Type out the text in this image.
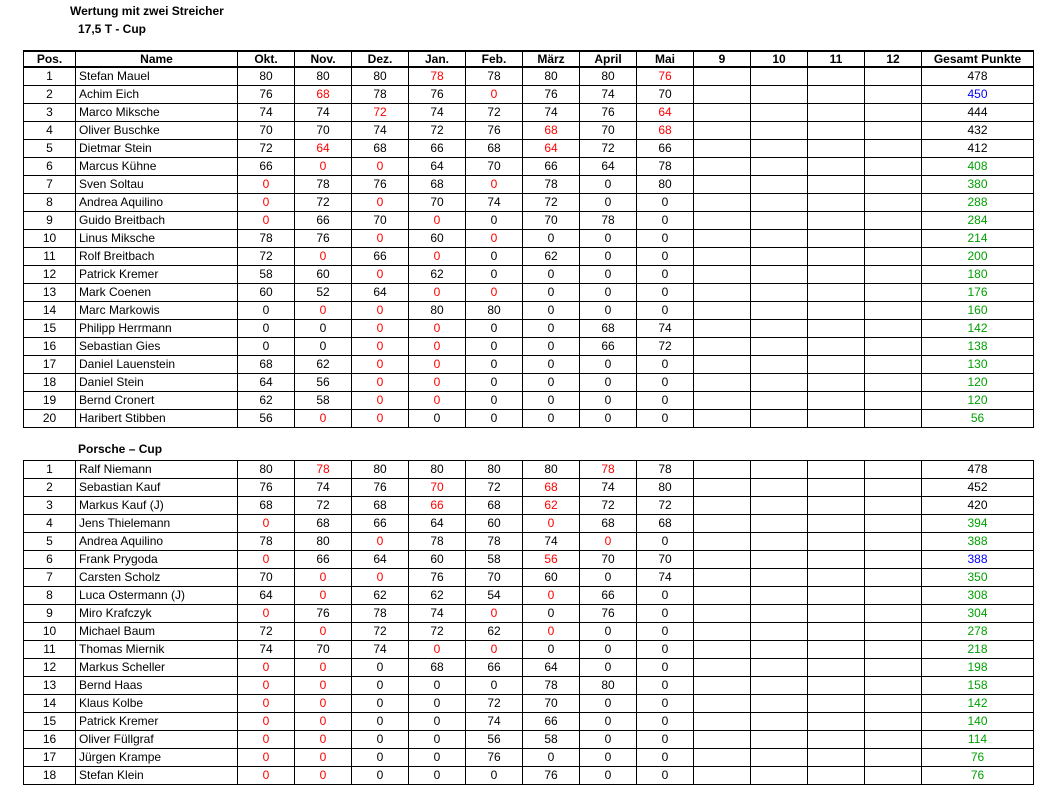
Wertung mit zwei Streicher
17,5 T - Cup
Pos.	Name	Okt.	Nov.	Dez.	Jan.	Feb.	März	April	Mai	9	10	11	12	Gesamt Punkte
1	Stefan Mauel	80	80	80	78	78	80	80	76					478
2	Achim Eich	76	68	78	76	0	76	74	70					450
3	Marco Miksche	74	74	72	74	72	74	76	64					444
4	Oliver Buschke	70	70	74	72	76	68	70	68					432
5	Dietmar Stein	72	64	68	66	68	64	72	66					412
6	Marcus Kühne	66	0	0	64	70	66	64	78					408
7	Sven Soltau	0	78	76	68	0	78	0	80					380
8	Andrea Aquilino	0	72	0	70	74	72	0	0					288
9	Guido Breitbach	0	66	70	0	0	70	78	0					284
10	Linus Miksche	78	76	0	60	0	0	0	0					214
11	Rolf Breitbach	72	0	66	0	0	62	0	0					200
12	Patrick Kremer	58	60	0	62	0	0	0	0					180
13	Mark Coenen	60	52	64	0	0	0	0	0					176
14	Marc Markowis	0	0	0	80	80	0	0	0					160
15	Philipp Herrmann	0	0	0	0	0	0	68	74					142
16	Sebastian Gies	0	0	0	0	0	0	66	72					138
17	Daniel Lauenstein	68	62	0	0	0	0	0	0					130
18	Daniel Stein	64	56	0	0	0	0	0	0					120
19	Bernd Cronert	62	58	0	0	0	0	0	0					120
20	Haribert Stibben	56	0	0	0	0	0	0	0					56
Porsche – Cup
1	Ralf Niemann	80	78	80	80	80	80	78	78					478
2	Sebastian Kauf	76	74	76	70	72	68	74	80					452
3	Markus Kauf (J)	68	72	68	66	68	62	72	72					420
4	Jens Thielemann	0	68	66	64	60	0	68	68					394
5	Andrea Aquilino	78	80	0	78	78	74	0	0					388
6	Frank Prygoda	0	66	64	60	58	56	70	70					388
7	Carsten Scholz	70	0	0	76	70	60	0	74					350
8	Luca Ostermann (J)	64	0	62	62	54	0	66	0					308
9	Miro Krafczyk	0	76	78	74	0	0	76	0					304
10	Michael Baum	72	0	72	72	62	0	0	0					278
11	Thomas Miernik	74	70	74	0	0	0	0	0					218
12	Markus Scheller	0	0	0	68	66	64	0	0					198
13	Bernd Haas	0	0	0	0	0	78	80	0					158
14	Klaus Kolbe	0	0	0	0	72	70	0	0					142
15	Patrick Kremer	0	0	0	0	74	66	0	0					140
16	Oliver Füllgraf	0	0	0	0	56	58	0	0					114
17	Jürgen Krampe	0	0	0	0	76	0	0	0					76
18	Stefan Klein	0	0	0	0	0	76	0	0					76
